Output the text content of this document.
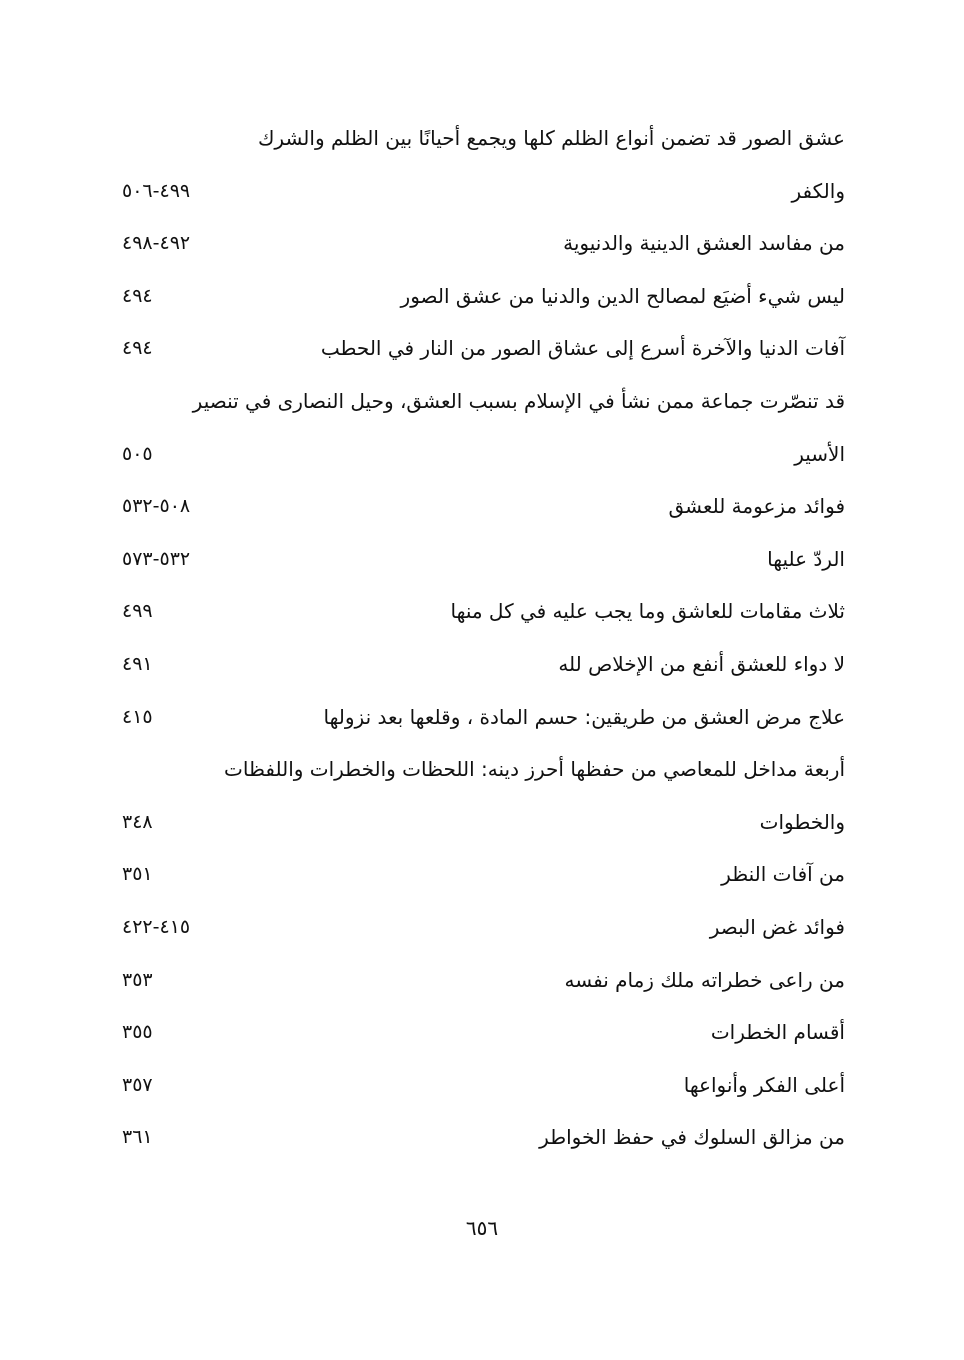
عشق الصور قد تضمن أنواع الظلم كلها ويجمع أحيانًا بين الظلم والشرك
والكفر
٤٩٩-٥٠٦
من مفاسد العشق الدينية والدنيوية
٤٩٢-٤٩٨
ليس شيء أضيَع لمصالح الدين والدنيا من عشق الصور
٤٩٤
آفات الدنيا والآخرة أسرع إلى عشاق الصور من النار في الحطب
٤٩٤
قد تنصّرت جماعة ممن نشأ في الإسلام بسبب العشق، وحيل النصارى في تنصير
الأسير
٥٠٥
فوائد مزعومة للعشق
٥٠٨-٥٣٢
الردّ عليها
٥٣٢-٥٧٣
ثلاث مقامات للعاشق وما يجب عليه في كل منها
٤٩٩
لا دواء للعشق أنفع من الإخلاص لله
٤٩١
علاج مرض العشق من طريقين: حسم المادة ، وقلعها بعد نزولها
٤١٥
أربعة مداخل للمعاصي من حفظها أحرز دينه: اللحظات والخطرات واللفظات
والخطوات
٣٤٨
من آفات النظر
٣٥١
فوائد غض البصر
٤١٥-٤٢٢
من راعى خطراته ملك زمام نفسه
٣٥٣
أقسام الخطرات
٣٥٥
أعلى الفكر وأنواعها
٣٥٧
من مزالق السلوك في حفظ الخواطر
٣٦١
٦٥٦
